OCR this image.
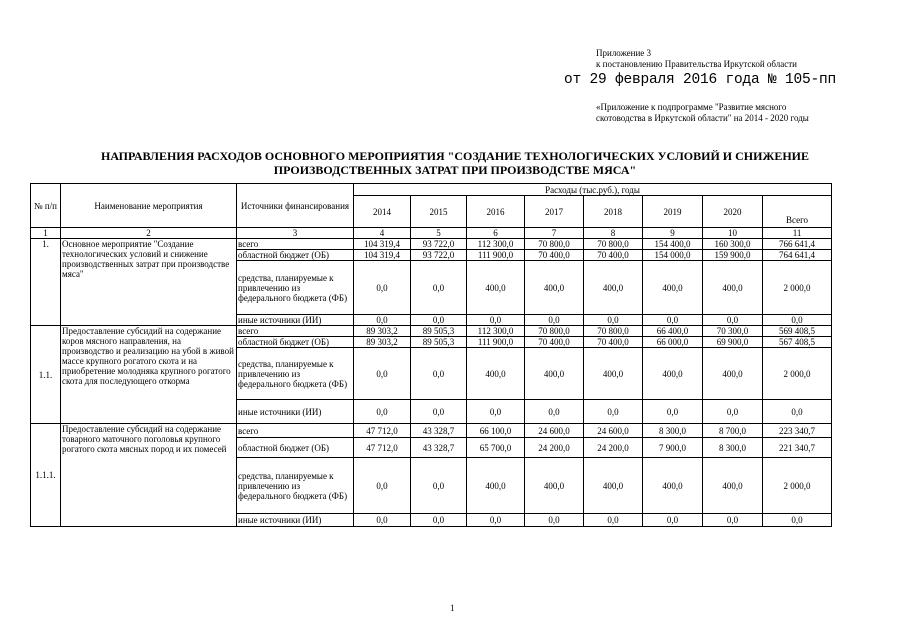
Приложение 3
к постановлению Правительства Иркутской области
от 29 февраля 2016 года № 105-пп
«Приложение к подпрограмме "Развитие мясного скотоводства в Иркутской области" на 2014 - 2020 годы
НАПРАВЛЕНИЯ РАСХОДОВ ОСНОВНОГО МЕРОПРИЯТИЯ "СОЗДАНИЕ ТЕХНОЛОГИЧЕСКИХ УСЛОВИЙ И СНИЖЕНИЕ ПРОИЗВОДСТВЕННЫХ ЗАТРАТ ПРИ ПРОИЗВОДСТВЕ МЯСА"
№ п/п	Наименование мероприятия	Источники финансирования	Расходы (тыс.руб.), годы							
			2014	2015	2016	2017	2018	2019	2020	Всего
1	2	3	4	5	6	7	8	9	10	11
1.	Основное мероприятие "Создание технологических условий и снижение производственных затрат при производстве мяса"	всего	104 319,4	93 722,0	112 300,0	70 800,0	70 800,0	154 400,0	160 300,0	766 641,4
		областной бюджет (ОБ)	104 319,4	93 722,0	111 900,0	70 400,0	70 400,0	154 000,0	159 900,0	764 641,4
		средства, планируемые к привлечению из федерального бюджета (ФБ)	0,0	0,0	400,0	400,0	400,0	400,0	400,0	2 000,0
		иные источники (ИИ)	0,0	0,0	0,0	0,0	0,0	0,0	0,0	0,0
1.1.	Предоставление субсидий на содержание коров мясного направления, на производство и реализацию на убой в живой массе крупного рогатого скота и на приобретение молодняка крупного рогатого скота для последующего откорма	всего	89 303,2	89 505,3	112 300,0	70 800,0	70 800,0	66 400,0	70 300,0	569 408,5
		областной бюджет (ОБ)	89 303,2	89 505,3	111 900,0	70 400,0	70 400,0	66 000,0	69 900,0	567 408,5
		средства, планируемые к привлечению из федерального бюджета (ФБ)	0,0	0,0	400,0	400,0	400,0	400,0	400,0	2 000,0
		иные источники (ИИ)	0,0	0,0	0,0	0,0	0,0	0,0	0,0	0,0
1.1.1.	Предоставление субсидий на содержание товарного маточного поголовья крупного рогатого скота мясных пород и их помесей	всего	47 712,0	43 328,7	66 100,0	24 600,0	24 600,0	8 300,0	8 700,0	223 340,7
		областной бюджет (ОБ)	47 712,0	43 328,7	65 700,0	24 200,0	24 200,0	7 900,0	8 300,0	221 340,7
		средства, планируемые к привлечению из федерального бюджета (ФБ)	0,0	0,0	400,0	400,0	400,0	400,0	400,0	2 000,0
		иные источники (ИИ)	0,0	0,0	0,0	0,0	0,0	0,0	0,0	0,0
1
